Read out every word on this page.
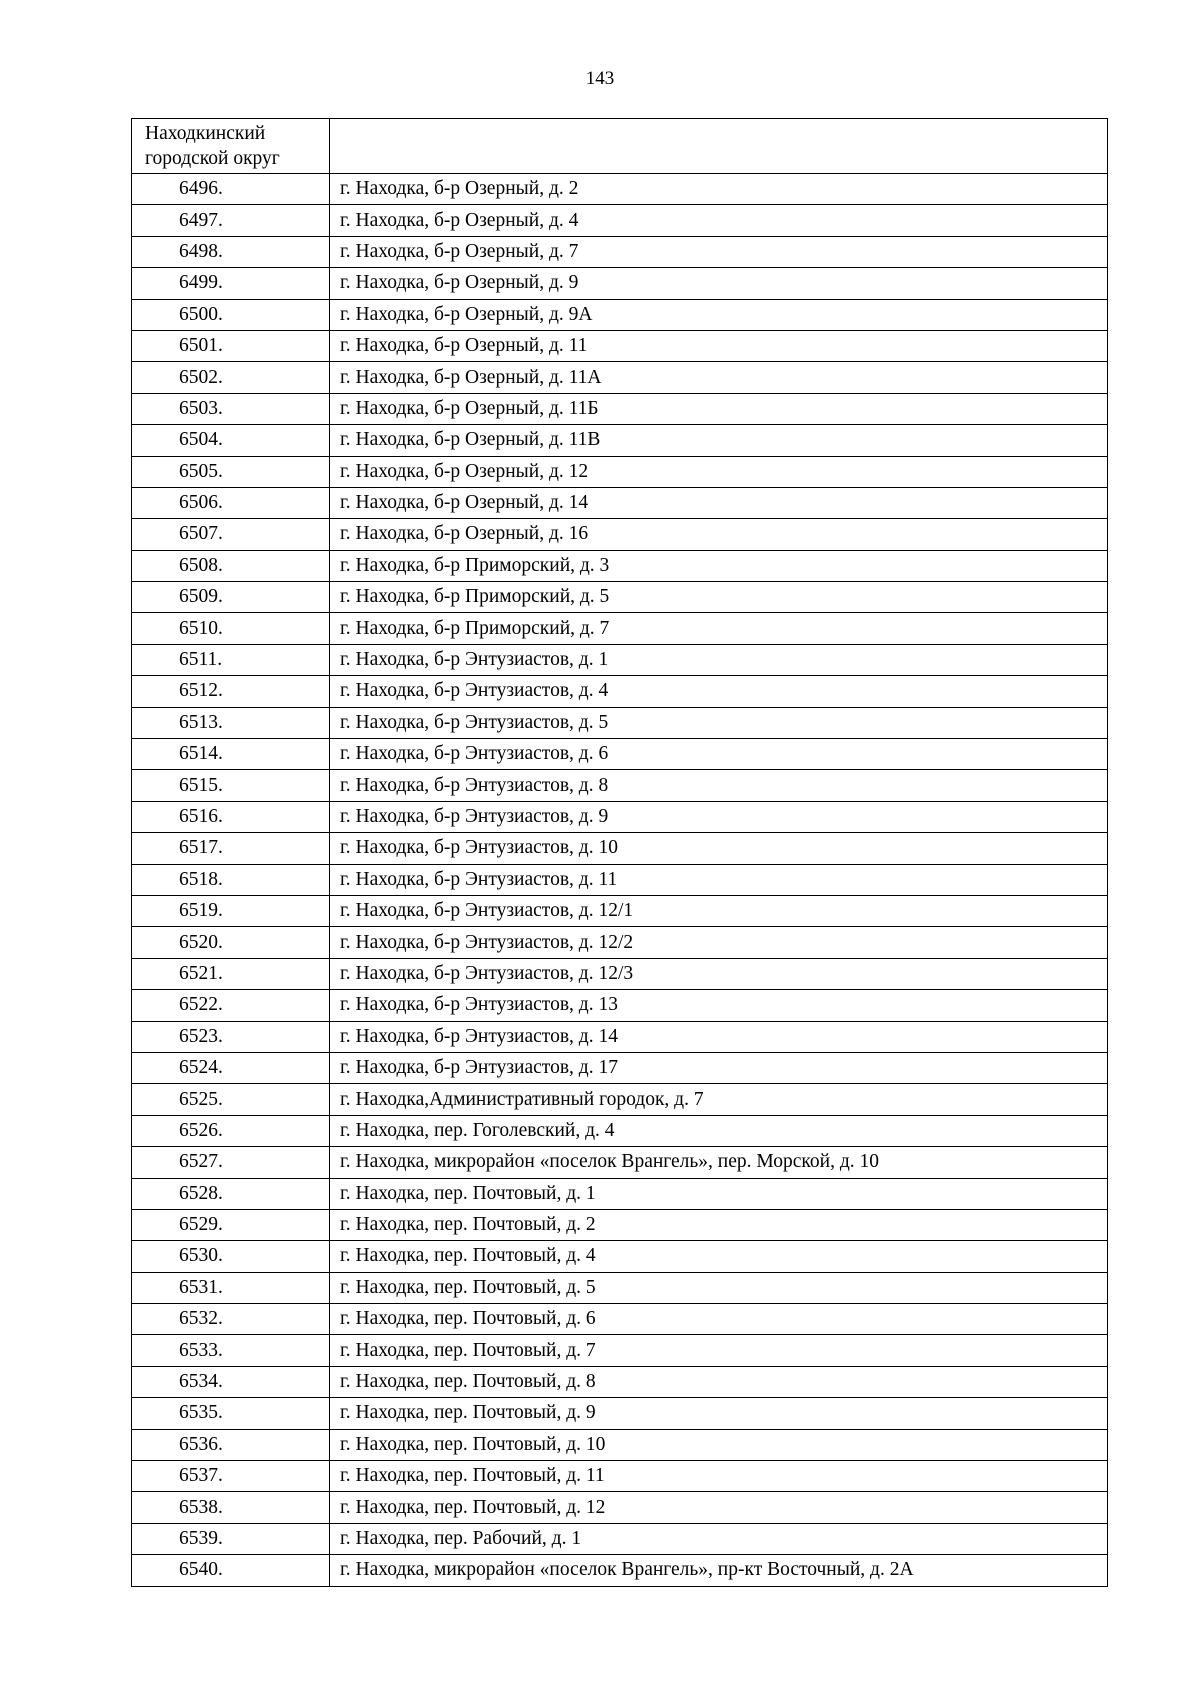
143
Находкинский городской округ	
6496.	г. Находка, б-р Озерный, д. 2
6497.	г. Находка, б-р Озерный, д. 4
6498.	г. Находка, б-р Озерный, д. 7
6499.	г. Находка, б-р Озерный, д. 9
6500.	г. Находка, б-р Озерный, д. 9А
6501.	г. Находка, б-р Озерный, д. 11
6502.	г. Находка, б-р Озерный, д. 11А
6503.	г. Находка, б-р Озерный, д. 11Б
6504.	г. Находка, б-р Озерный, д. 11В
6505.	г. Находка, б-р Озерный, д. 12
6506.	г. Находка, б-р Озерный, д. 14
6507.	г. Находка, б-р Озерный, д. 16
6508.	г. Находка, б-р Приморский, д. 3
6509.	г. Находка, б-р Приморский, д. 5
6510.	г. Находка, б-р Приморский, д. 7
6511.	г. Находка, б-р Энтузиастов, д. 1
6512.	г. Находка, б-р Энтузиастов, д. 4
6513.	г. Находка, б-р Энтузиастов, д. 5
6514.	г. Находка, б-р Энтузиастов, д. 6
6515.	г. Находка, б-р Энтузиастов, д. 8
6516.	г. Находка, б-р Энтузиастов, д. 9
6517.	г. Находка, б-р Энтузиастов, д. 10
6518.	г. Находка, б-р Энтузиастов, д. 11
6519.	г. Находка, б-р Энтузиастов, д. 12/1
6520.	г. Находка, б-р Энтузиастов, д. 12/2
6521.	г. Находка, б-р Энтузиастов, д. 12/3
6522.	г. Находка, б-р Энтузиастов, д. 13
6523.	г. Находка, б-р Энтузиастов, д. 14
6524.	г. Находка, б-р Энтузиастов, д. 17
6525.	г. Находка,Административный городок, д. 7
6526.	г. Находка, пер. Гоголевский, д. 4
6527.	г. Находка, микрорайон «поселок Врангель», пер. Морской, д. 10
6528.	г. Находка, пер. Почтовый, д. 1
6529.	г. Находка, пер. Почтовый, д. 2
6530.	г. Находка, пер. Почтовый, д. 4
6531.	г. Находка, пер. Почтовый, д. 5
6532.	г. Находка, пер. Почтовый, д. 6
6533.	г. Находка, пер. Почтовый, д. 7
6534.	г. Находка, пер. Почтовый, д. 8
6535.	г. Находка, пер. Почтовый, д. 9
6536.	г. Находка, пер. Почтовый, д. 10
6537.	г. Находка, пер. Почтовый, д. 11
6538.	г. Находка, пер. Почтовый, д. 12
6539.	г. Находка, пер. Рабочий, д. 1
6540.	г. Находка, микрорайон «поселок Врангель», пр-кт Восточный, д. 2А
